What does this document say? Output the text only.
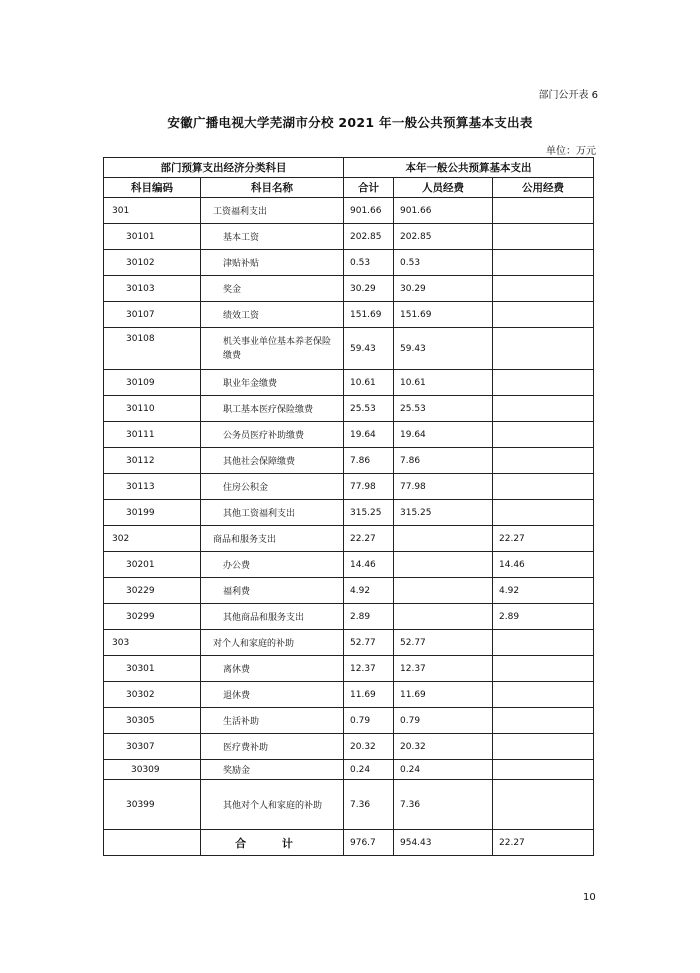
部门公开表 6
安徽广播电视大学芜湖市分校 2021 年一般公共预算基本支出表
单位：万元
部门预算支出经济分类科目		本年一般公共预算基本支出		
科目编码	科目名称	合计	人员经费	公用经费
301	工资福利支出	901.66	901.66	
30101	基本工资	202.85	202.85	
30102	津贴补贴	0.53	0.53	
30103	奖金	30.29	30.29	
30107	绩效工资	151.69	151.69	
30108	机关事业单位基本养老保险缴费	59.43	59.43	
30109	职业年金缴费	10.61	10.61	
30110	职工基本医疗保险缴费	25.53	25.53	
30111	公务员医疗补助缴费	19.64	19.64	
30112	其他社会保障缴费	7.86	7.86	
30113	住房公积金	77.98	77.98	
30199	其他工资福利支出	315.25	315.25	
302	商品和服务支出	22.27		22.27
30201	办公费	14.46		14.46
30229	福利费	4.92		4.92
30299	其他商品和服务支出	2.89		2.89
303	对个人和家庭的补助	52.77	52.77	
30301	离休费	12.37	12.37	
30302	退休费	11.69	11.69	
30305	生活补助	0.79	0.79	
30307	医疗费补助	20.32	20.32	
30309	奖励金	0.24	0.24	
30399	其他对个人和家庭的补助	7.36	7.36	
	合 计	976.7	954.43	22.27
10
